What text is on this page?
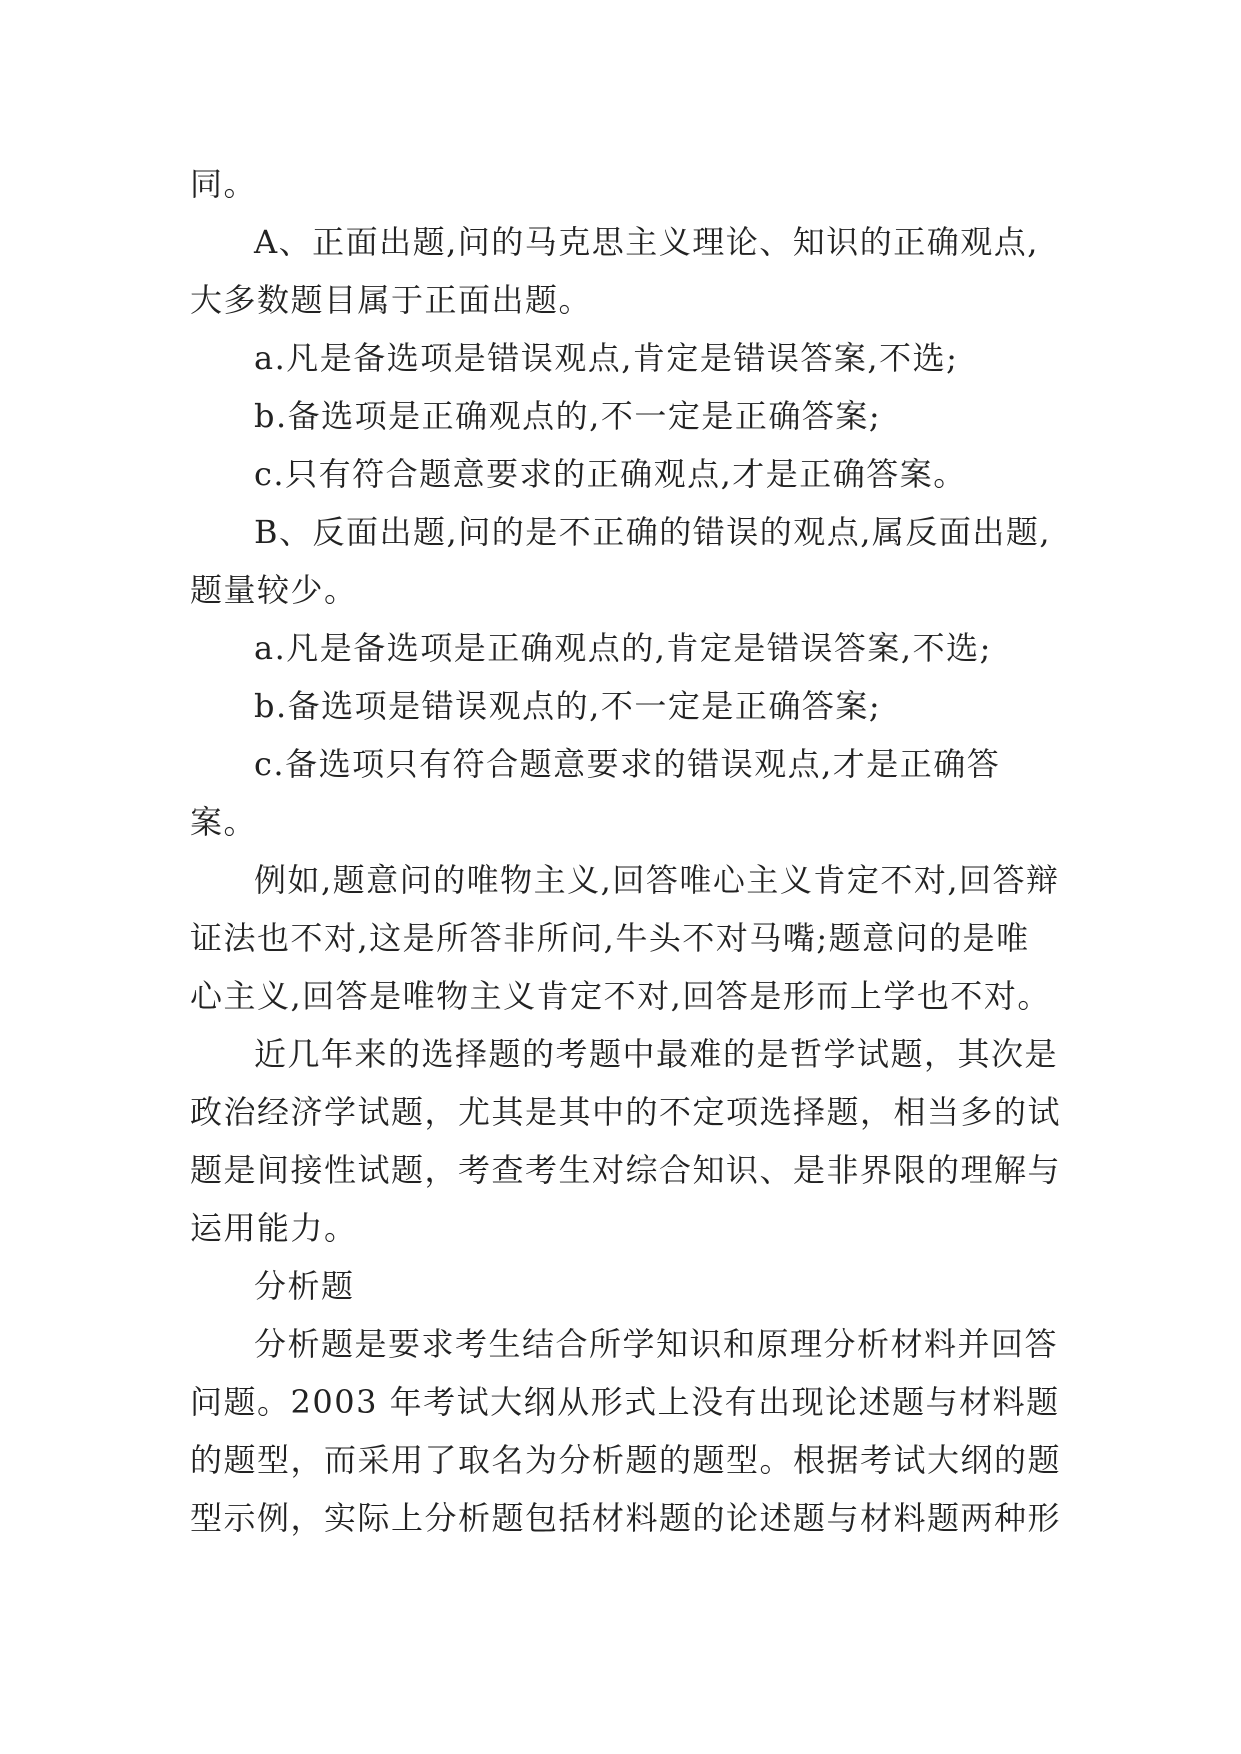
同。

A、正面出题,问的马克思主义理论、知识的正确观点,大多数题目属于正面出题。

a.凡是备选项是错误观点,肯定是错误答案,不选;

b.备选项是正确观点的,不一定是正确答案;

c.只有符合题意要求的正确观点,才是正确答案。

B、反面出题,问的是不正确的错误的观点,属反面出题,题量较少。

a.凡是备选项是正确观点的,肯定是错误答案,不选;

b.备选项是错误观点的,不一定是正确答案;

c.备选项只有符合题意要求的错误观点,才是正确答案。

例如,题意问的唯物主义,回答唯心主义肯定不对,回答辩证法也不对,这是所答非所问,牛头不对马嘴;题意问的是唯心主义,回答是唯物主义肯定不对,回答是形而上学也不对。

近几年来的选择题的考题中最难的是哲学试题，其次是政治经济学试题，尤其是其中的不定项选择题，相当多的试题是间接性试题，考查考生对综合知识、是非界限的理解与运用能力。

分析题

分析题是要求考生结合所学知识和原理分析材料并回答问题。2003 年考试大纲从形式上没有出现论述题与材料题的题型，而采用了取名为分析题的题型。根据考试大纲的题型示例，实际上分析题包括材料题的论述题与材料题两种形
